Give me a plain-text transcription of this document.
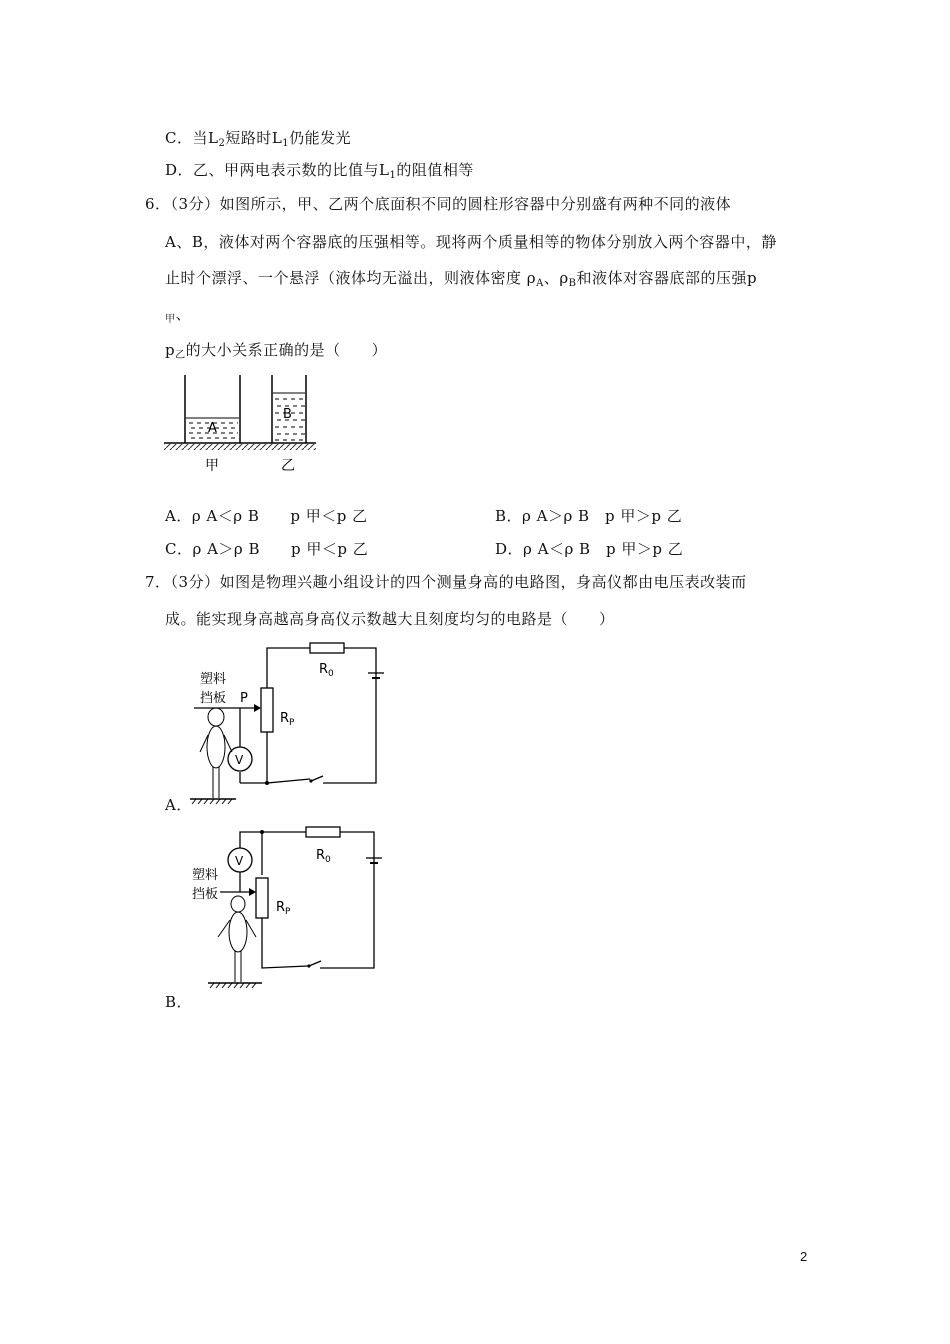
C．当$L_2$短路时$L_1$仍能发光
D．乙、甲两电表示数的比值与$L_1$的阻值相等
6．（3分）如图所示，甲、乙两个底面积不同的圆柱形容器中分别盛有两种不同的液体
A、B，液体对两个容器底的压强相等。现将两个质量相等的物体分别放入两个容器中，静
止时个漂浮、一个悬浮（液体均无溢出，则液体密度 $\rho_A$、$\rho_B$和液体对容器底部的压强p
$_甲$、
$p_乙$的大小关系正确的是（　　）
A
B
甲	乙
A．ρ A＜ρ B　　p 甲＜p 乙	B．ρ A＞ρ B　p 甲＞p 乙
C．ρ A＞ρ B　　p 甲＜p 乙	D．ρ A＜ρ B　p 甲＞p 乙
7．（3分）如图是物理兴趣小组设计的四个测量身高的电路图，身高仪都由电压表改装而
成。能实现身高越高身高仪示数越大且刻度均匀的电路是（　　）
$R_0$
$R_P$
P
塑料
挡板
V
A．
$R_0$
$R_P$
V
塑料
挡板
B．
2
